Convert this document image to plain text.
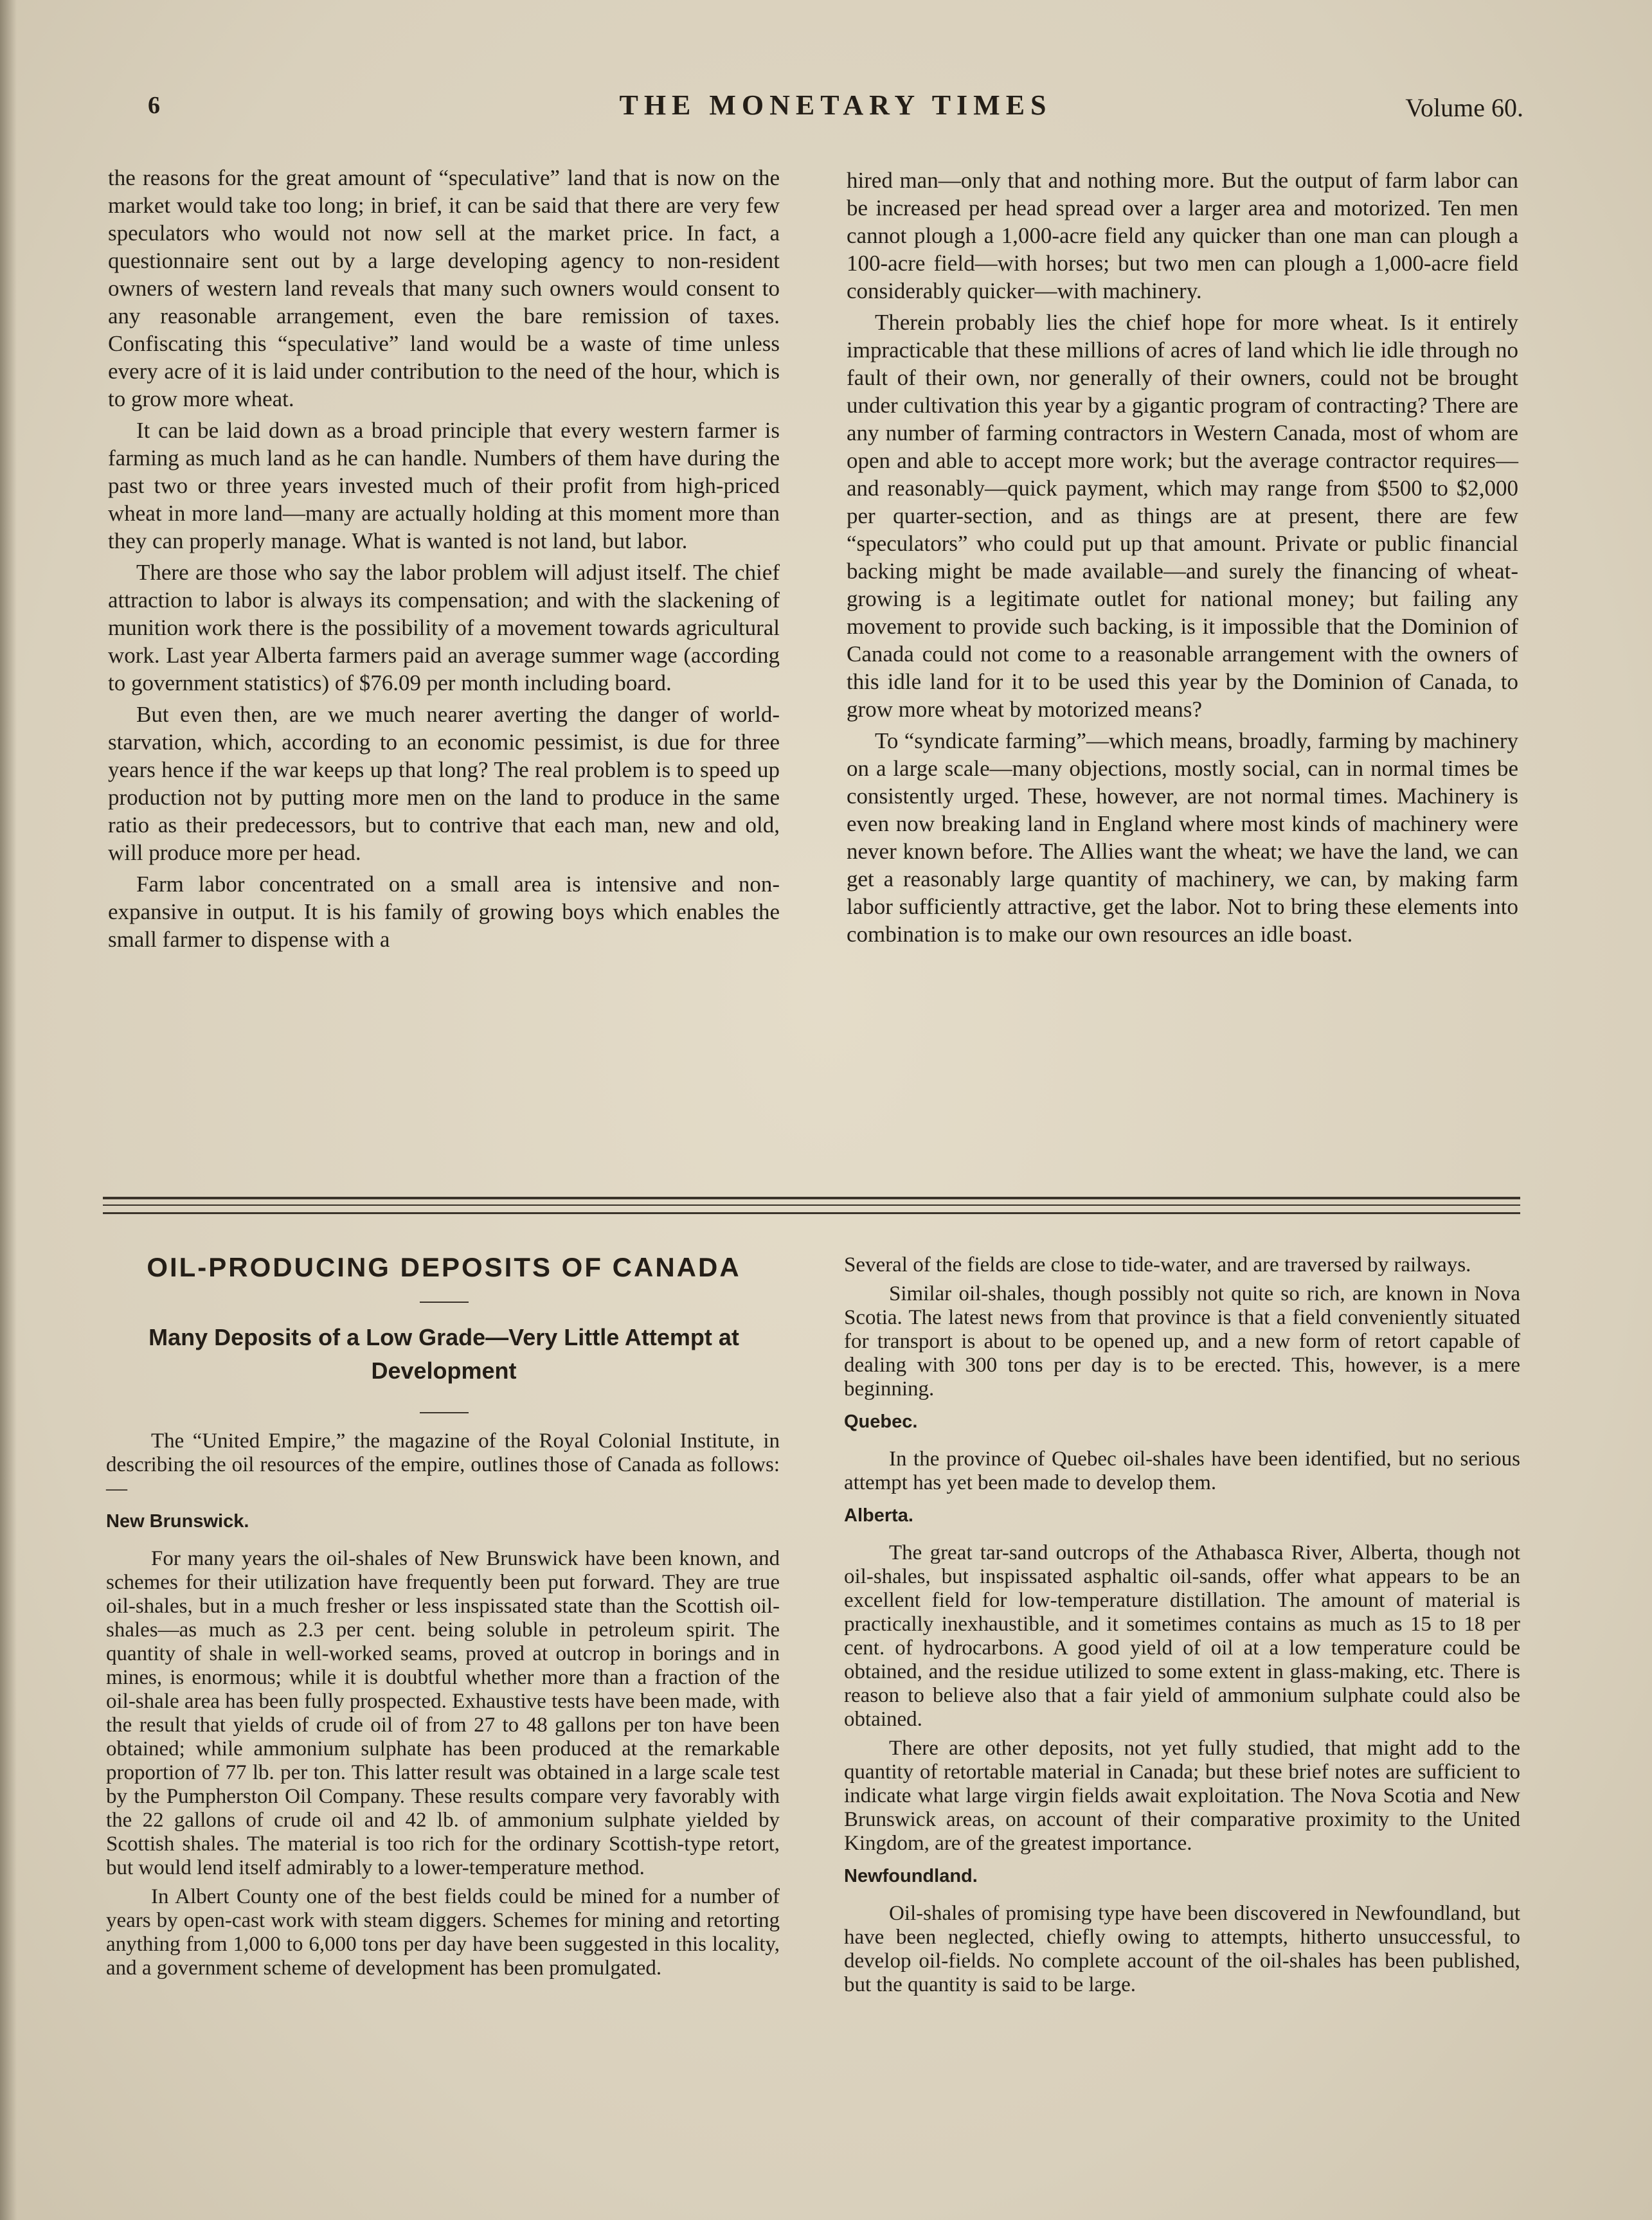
6	THE MONETARY TIMES	Volume 60.

the reasons for the great amount of “speculative” land that is now on the market would take too long; in brief, it can be said that there are very few speculators who would not now sell at the market price. In fact, a questionnaire sent out by a large developing agency to non-resident owners of western land reveals that many such owners would consent to any reasonable arrangement, even the bare remission of taxes. Confiscating this “speculative” land would be a waste of time unless every acre of it is laid under contribution to the need of the hour, which is to grow more wheat.

It can be laid down as a broad principle that every western farmer is farming as much land as he can handle. Numbers of them have during the past two or three years invested much of their profit from high-priced wheat in more land—many are actually holding at this moment more than they can properly manage. What is wanted is not land, but labor.

There are those who say the labor problem will adjust itself. The chief attraction to labor is always its compensation; and with the slackening of munition work there is the possibility of a movement towards agricultural work. Last year Alberta farmers paid an average summer wage (according to government statistics) of $76.09 per month including board.

But even then, are we much nearer averting the danger of world-starvation, which, according to an economic pessimist, is due for three years hence if the war keeps up that long? The real problem is to speed up production not by putting more men on the land to produce in the same ratio as their predecessors, but to contrive that each man, new and old, will produce more per head.

Farm labor concentrated on a small area is intensive and non-expansive in output. It is his family of growing boys which enables the small farmer to dispense with a

hired man—only that and nothing more. But the output of farm labor can be increased per head spread over a larger area and motorized. Ten men cannot plough a 1,000-acre field any quicker than one man can plough a 100-acre field—with horses; but two men can plough a 1,000-acre field considerably quicker—with machinery.

Therein probably lies the chief hope for more wheat. Is it entirely impracticable that these millions of acres of land which lie idle through no fault of their own, nor generally of their owners, could not be brought under cultivation this year by a gigantic program of contracting? There are any number of farming contractors in Western Canada, most of whom are open and able to accept more work; but the average contractor requires—and reasonably—quick payment, which may range from $500 to $2,000 per quarter-section, and as things are at present, there are few “speculators” who could put up that amount. Private or public financial backing might be made available—and surely the financing of wheat-growing is a legitimate outlet for national money; but failing any movement to provide such backing, is it impossible that the Dominion of Canada could not come to a reasonable arrangement with the owners of this idle land for it to be used this year by the Dominion of Canada, to grow more wheat by motorized means?

To “syndicate farming”—which means, broadly, farming by machinery on a large scale—many objections, mostly social, can in normal times be consistently urged. These, however, are not normal times. Machinery is even now breaking land in England where most kinds of machinery were never known before. The Allies want the wheat; we have the land, we can get a reasonably large quantity of machinery, we can, by making farm labor sufficiently attractive, get the labor. Not to bring these elements into combination is to make our own resources an idle boast.

OIL-PRODUCING DEPOSITS OF CANADA
Many Deposits of a Low Grade—Very Little Attempt at Development

The “United Empire,” the magazine of the Royal Colonial Institute, in describing the oil resources of the empire, outlines those of Canada as follows:—

New Brunswick.

For many years the oil-shales of New Brunswick have been known, and schemes for their utilization have frequently been put forward. They are true oil-shales, but in a much fresher or less inspissated state than the Scottish oil-shales—as much as 2.3 per cent. being soluble in petroleum spirit. The quantity of shale in well-worked seams, proved at outcrop in borings and in mines, is enormous; while it is doubtful whether more than a fraction of the oil-shale area has been fully prospected. Exhaustive tests have been made, with the result that yields of crude oil of from 27 to 48 gallons per ton have been obtained; while ammonium sulphate has been produced at the remarkable proportion of 77 lb. per ton. This latter result was obtained in a large scale test by the Pumpherston Oil Company. These results compare very favorably with the 22 gallons of crude oil and 42 lb. of ammonium sulphate yielded by Scottish shales. The material is too rich for the ordinary Scottish-type retort, but would lend itself admirably to a lower-temperature method.

In Albert County one of the best fields could be mined for a number of years by open-cast work with steam diggers. Schemes for mining and retorting anything from 1,000 to 6,000 tons per day have been suggested in this locality, and a government scheme of development has been promulgated.

Several of the fields are close to tide-water, and are traversed by railways.

Similar oil-shales, though possibly not quite so rich, are known in Nova Scotia. The latest news from that province is that a field conveniently situated for transport is about to be opened up, and a new form of retort capable of dealing with 300 tons per day is to be erected. This, however, is a mere beginning.

Quebec.

In the province of Quebec oil-shales have been identified, but no serious attempt has yet been made to develop them.

Alberta.

The great tar-sand outcrops of the Athabasca River, Alberta, though not oil-shales, but inspissated asphaltic oil-sands, offer what appears to be an excellent field for low-temperature distillation. The amount of material is practically inexhaustible, and it sometimes contains as much as 15 to 18 per cent. of hydrocarbons. A good yield of oil at a low temperature could be obtained, and the residue utilized to some extent in glass-making, etc. There is reason to believe also that a fair yield of ammonium sulphate could also be obtained.

There are other deposits, not yet fully studied, that might add to the quantity of retortable material in Canada; but these brief notes are sufficient to indicate what large virgin fields await exploitation. The Nova Scotia and New Brunswick areas, on account of their comparative proximity to the United Kingdom, are of the greatest importance.

Newfoundland.

Oil-shales of promising type have been discovered in Newfoundland, but have been neglected, chiefly owing to attempts, hitherto unsuccessful, to develop oil-fields. No complete account of the oil-shales has been published, but the quantity is said to be large.
